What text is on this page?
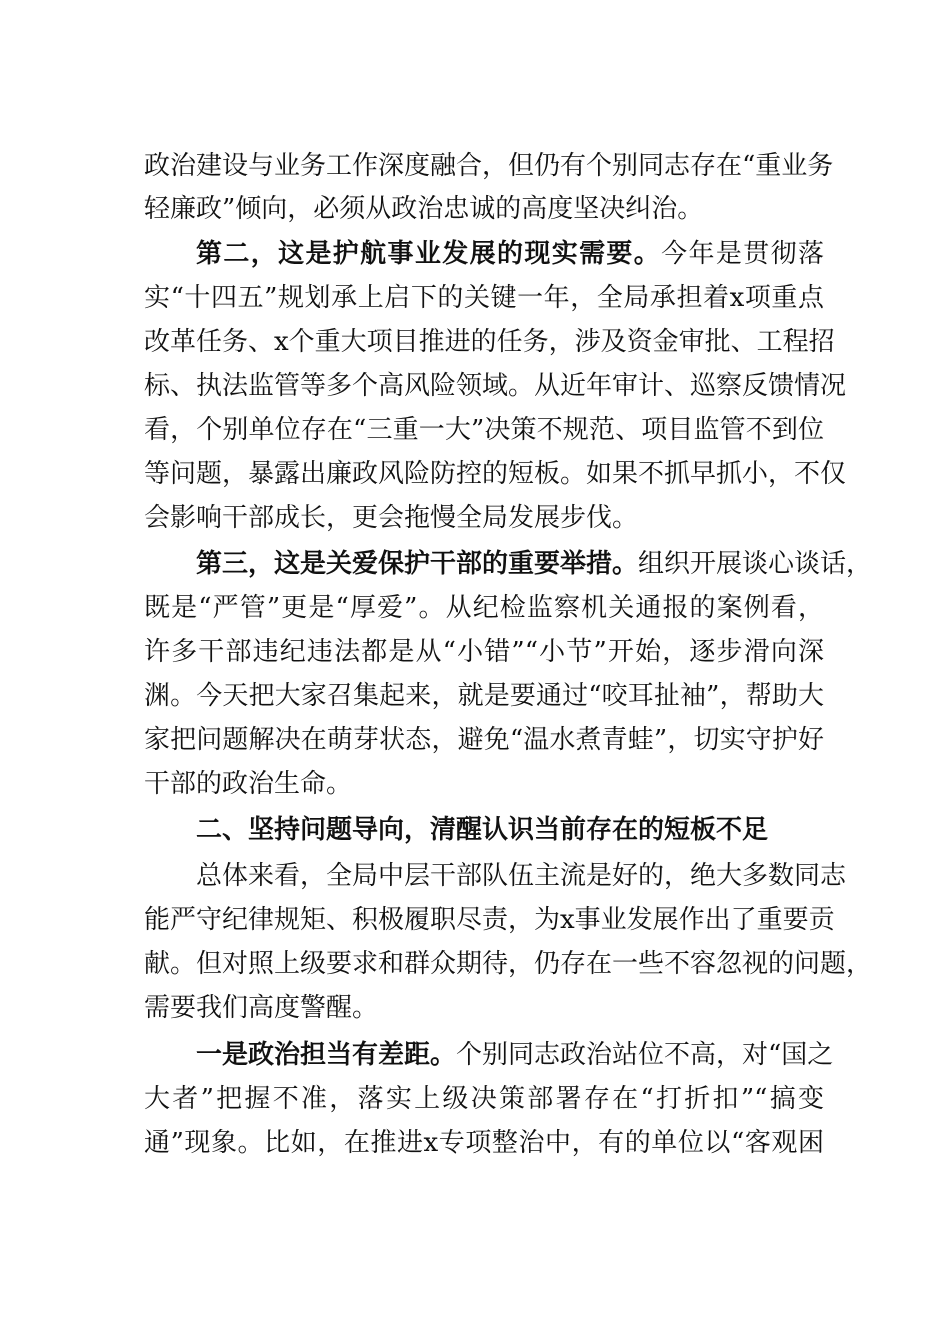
政治建设与业务工作深度融合，但仍有个别同志存在“重业务
轻廉政”倾向，必须从政治忠诚的高度坚决纠治。
第二，这是护航事业发展的现实需要。今年是贯彻落
实“十四五”规划承上启下的关键一年，全局承担着x项重点
改革任务、x个重大项目推进的任务，涉及资金审批、工程招
标、执法监管等多个高风险领域。从近年审计、巡察反馈情况
看，个别单位存在“三重一大”决策不规范、项目监管不到位
等问题，暴露出廉政风险防控的短板。如果不抓早抓小，不仅
会影响干部成长，更会拖慢全局发展步伐。
第三，这是关爱保护干部的重要举措。组织开展谈心谈话，
既是“严管”更是“厚爱”。从纪检监察机关通报的案例看，
许多干部违纪违法都是从“小错”“小节”开始，逐步滑向深
渊。今天把大家召集起来，就是要通过“咬耳扯袖”，帮助大
家把问题解决在萌芽状态，避免“温水煮青蛙”，切实守护好
干部的政治生命。
二、坚持问题导向，清醒认识当前存在的短板不足
总体来看，全局中层干部队伍主流是好的，绝大多数同志
能严守纪律规矩、积极履职尽责，为x事业发展作出了重要贡
献。但对照上级要求和群众期待，仍存在一些不容忽视的问题，
需要我们高度警醒。
一是政治担当有差距。个别同志政治站位不高，对“国之
大者”把握不准，落实上级决策部署存在“打折扣”“搞变
通”现象。比如，在推进x专项整治中，有的单位以“客观困
